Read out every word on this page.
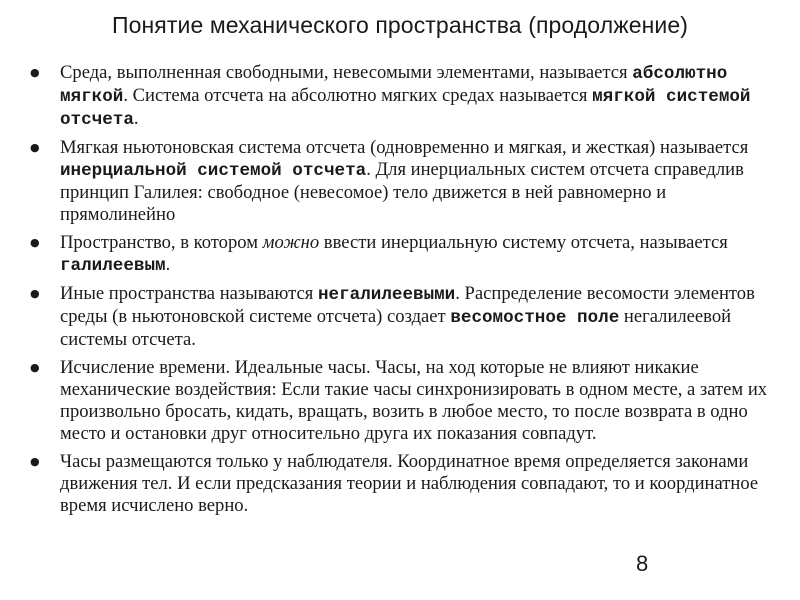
Понятие механического пространства (продолжение)
● Среда, выполненная свободными, невесомыми элементами, называется абсолютно мягкой. Система отсчета на абсолютно мягких средах называется мягкой системой отсчета.
● Мягкая ньютоновская система отсчета (одновременно и мягкая, и жесткая) называется инерциальной системой отсчета. Для инерциальных систем отсчета справедлив принцип Галилея: свободное (невесомое) тело движется в ней равномерно и прямолинейно
● Пространство, в котором можно ввести инерциальную систему отсчета, называется галилеевым.
● Иные пространства называются негалилеевыми. Распределение весомости элементов среды (в ньютоновской системе отсчета) создает весомостное поле негалилеевой системы отсчета.
● Исчисление времени. Идеальные часы. Часы, на ход которые не влияют никакие механические воздействия: Если такие часы синхронизировать в одном месте, а затем их произвольно бросать, кидать, вращать, возить в любое место, то после возврата в одно место и остановки друг относительно друга их показания совпадут.
● Часы размещаются только у наблюдателя. Координатное время определяется законами движения тел. И если предсказания теории и наблюдения совпадают, то и координатное время исчислено верно.
8
